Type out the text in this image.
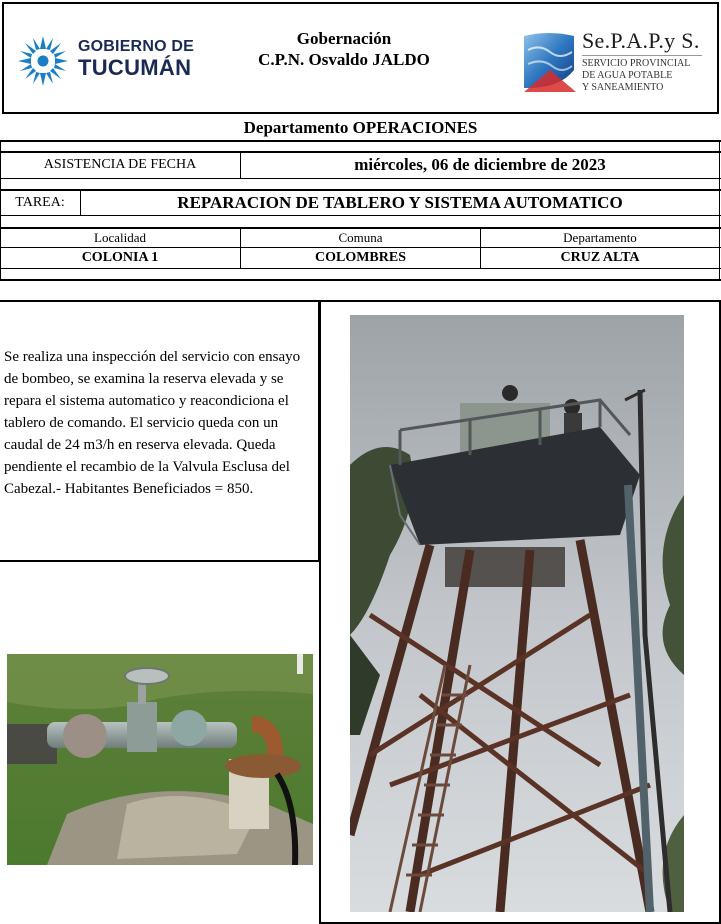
GOBIERNO DE
TUCUMÁN
Gobernación
C.P.N. Osvaldo JALDO
Se.P.A.P.y S.
SERVICIO PROVINCIAL
DE AGUA POTABLE
Y SANEAMIENTO
Departamento OPERACIONES
ASISTENCIA DE FECHA	miércoles, 06 de diciembre de 2023
TAREA:	REPARACION DE TABLERO Y SISTEMA AUTOMATICO
Localidad	Comuna	Departamento
COLONIA 1	COLOMBRES	CRUZ ALTA
Se realiza una inspección del servicio con ensayo de bombeo, se examina la reserva elevada y se repara el sistema automatico y reacondiciona el tablero de comando. El servicio queda con un caudal de 24 m3/h en reserva elevada. Queda pendiente el recambio de la Valvula Esclusa del Cabezal.- Habitantes Beneficiados = 850.
